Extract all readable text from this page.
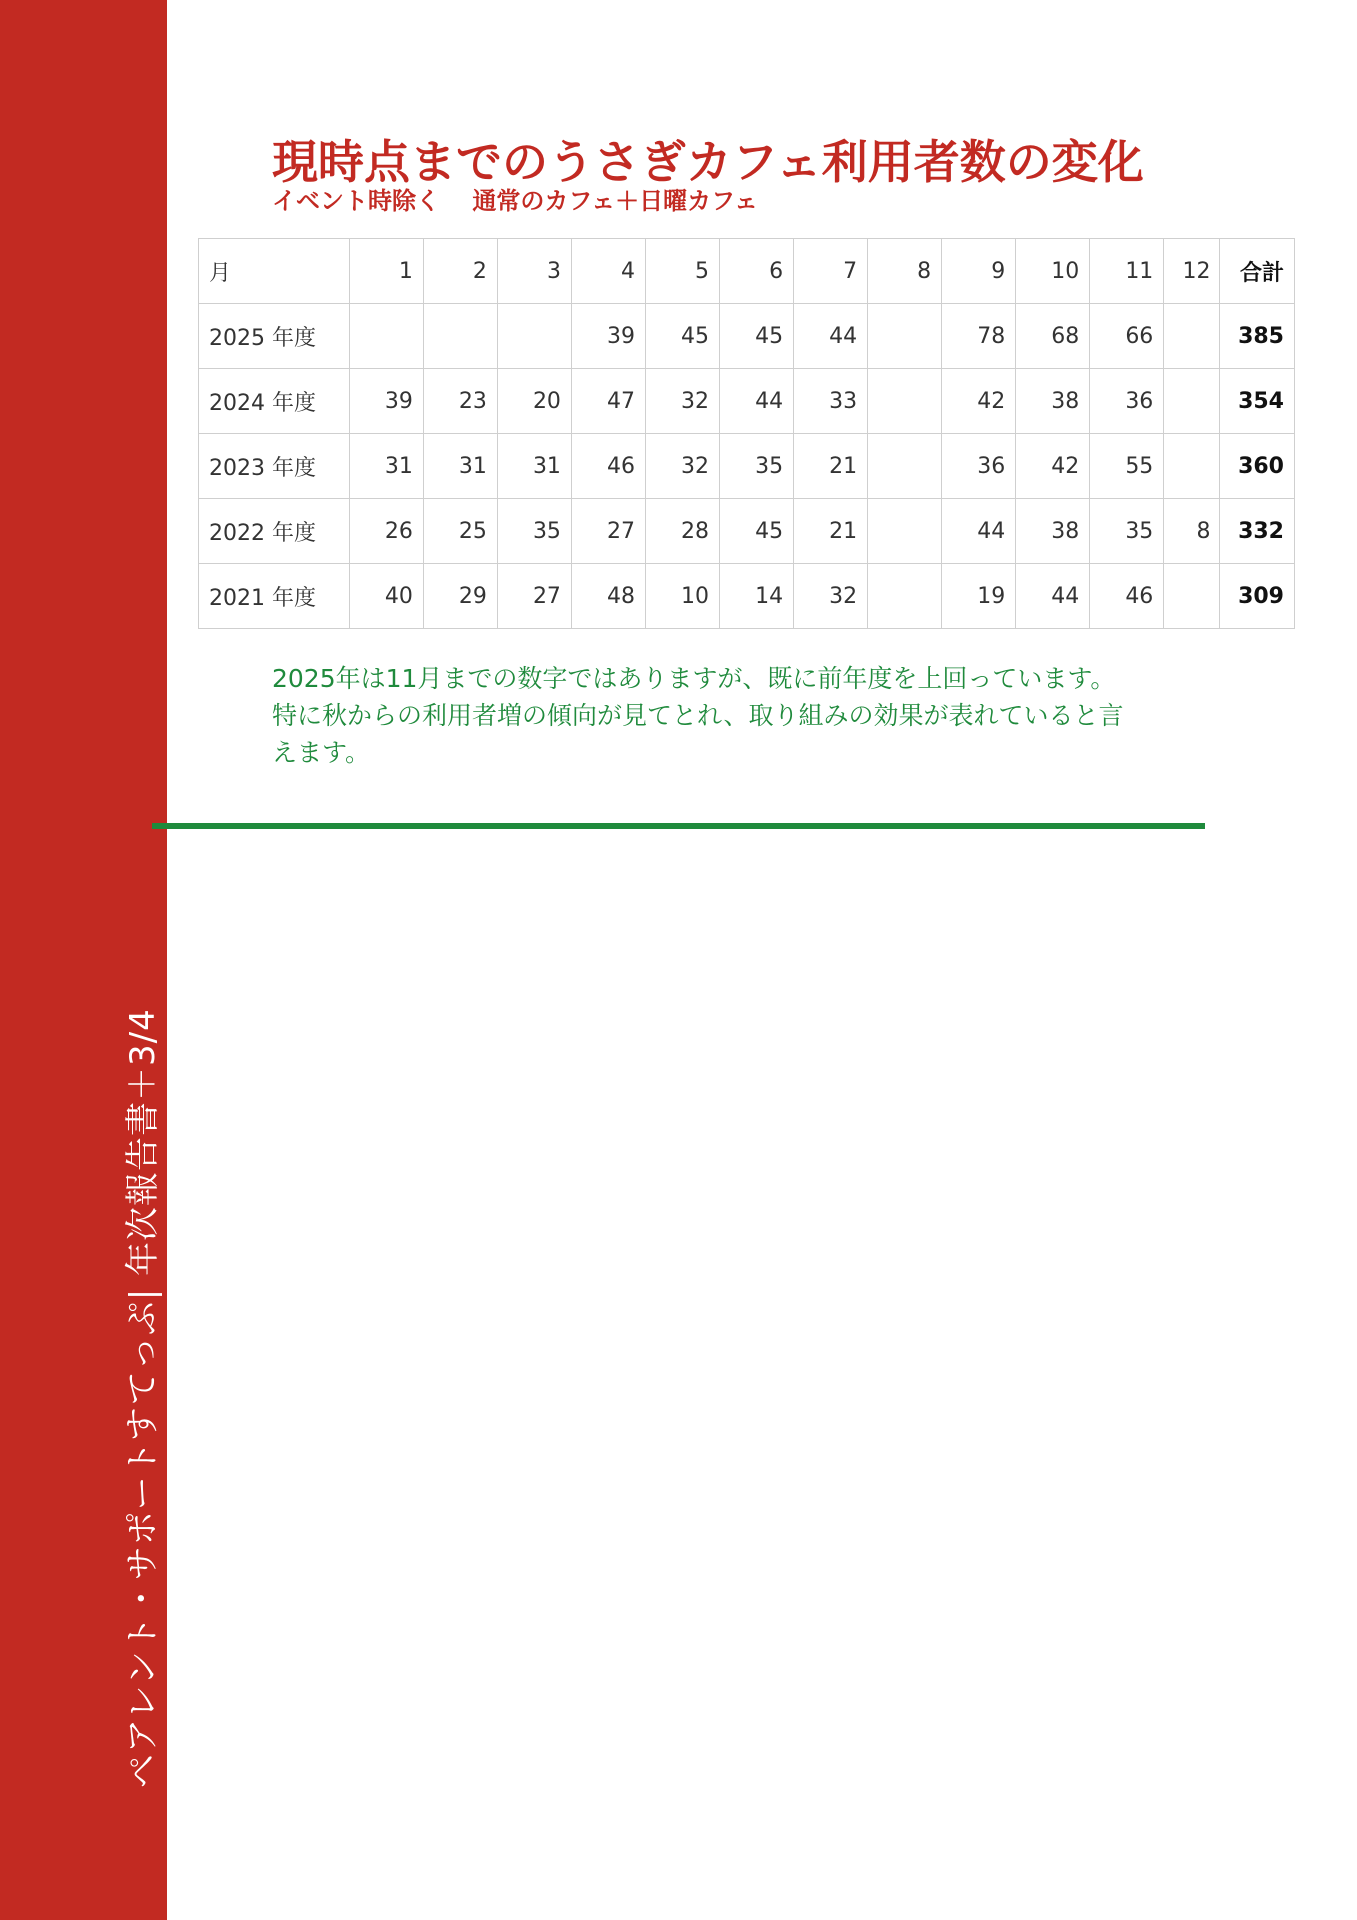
ペアレント・サポートすてっぷ| 年次報告書＋3/4 2024-2025
現時点までのうさぎカフェ利用者数の変化
イベント時除く　 通常のカフェ＋日曜カフェ
月	1	2	3	4	5	6	7	8	9	10	11	12	合計
2025 年度				39	45	45	44		78	68	66		385
2024 年度	39	23	20	47	32	44	33		42	38	36		354
2023 年度	31	31	31	46	32	35	21		36	42	55		360
2022 年度	26	25	35	27	28	45	21		44	38	35	8	332
2021 年度	40	29	27	48	10	14	32		19	44	46		309
2025年は11月までの数字ではありますが、既に前年度を上回っています。
特に秋からの利用者増の傾向が見てとれ、取り組みの効果が表れていると言
えます。
